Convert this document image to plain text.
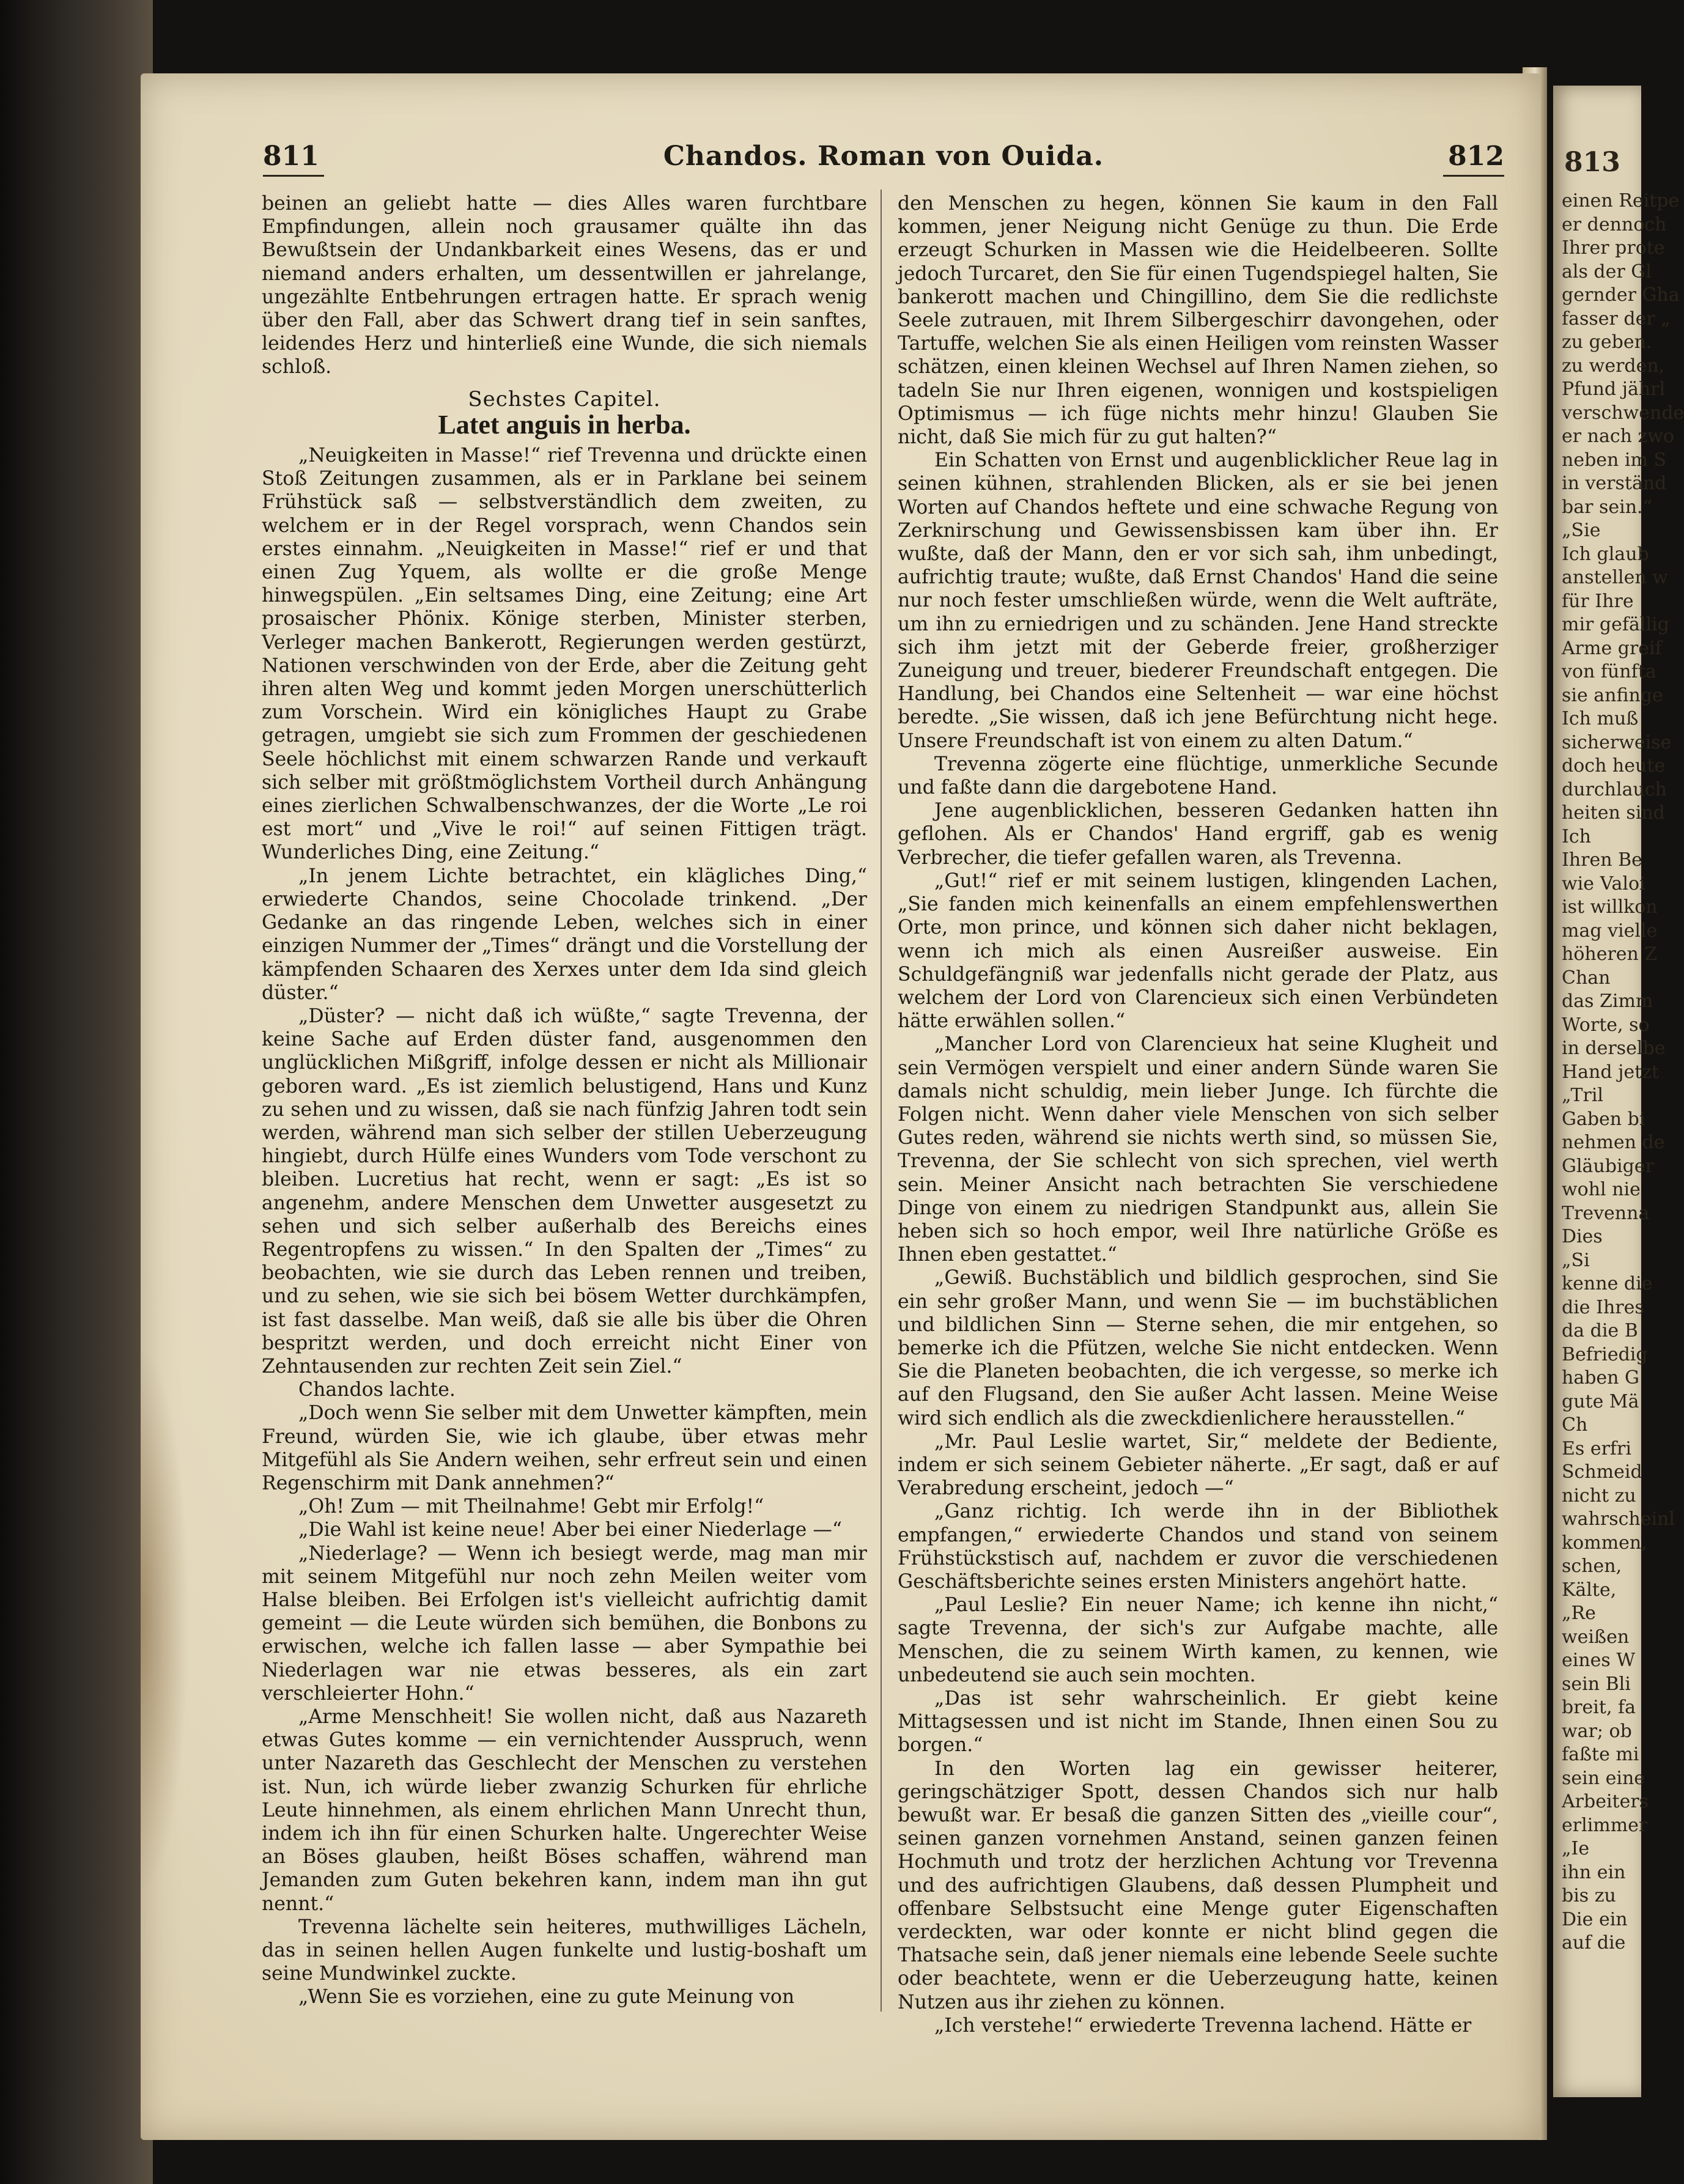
813
einen Reitpe
er dennoch
Ihrer prote
als der Gl
gernder Gha
fasser der „
zu geben.
zu werden,
Pfund jährl
verschwende
er nach zwo
neben im S
in verständ
bar sein.“
„Sie
Ich glaub
anstellen w
für Ihre
mir gefällig
Arme greif
von fünfta
sie anfinge
Ich muß
sicherweise
doch heute
durchlauch
heiten sind
Ich
Ihren Be
wie Valoi
ist willkon
mag vielle
höheren Z
Chan
das Zimm
Worte, so
in derselbe
Hand jetzt
„Tril
Gaben bi
nehmen de
Gläubiger
wohl nie
Trevenna
Dies
„Si
kenne die
die Ihres
da die B
Befriedig
haben G
gute Mä
Ch
Es erfri
Schmeid
nicht zu
wahrscheinl
kommen,
schen,
Kälte,
„Re
weißen
eines W
sein Bli
breit, fa
war; ob
faßte mi
sein eine
Arbeiters
erlimmer
„Ie
ihn ein
bis zu
Die ein
auf die
811	Chandos. Roman von Ouida.	812

beinen an geliebt hatte — dies Alles waren furchtbare Empfindungen, allein noch grausamer quälte ihn das Bewußtsein der Undankbarkeit eines Wesens, das er und niemand anders erhalten, um dessentwillen er jahrelange, ungezählte Entbehrungen ertragen hatte. Er sprach wenig über den Fall, aber das Schwert drang tief in sein sanftes, leidendes Herz und hinterließ eine Wunde, die sich niemals schloß.

Sechstes Capitel.
Latet anguis in herba.

„Neuigkeiten in Masse!“ rief Trevenna und drückte einen Stoß Zeitungen zusammen, als er in Parklane bei seinem Frühstück saß — selbstverständlich dem zweiten, zu welchem er in der Regel vorsprach, wenn Chandos sein erstes einnahm. „Neuigkeiten in Masse!“ rief er und that einen Zug Yquem, als wollte er die große Menge hinwegspülen. „Ein seltsames Ding, eine Zeitung; eine Art prosaischer Phönix. Könige sterben, Minister sterben, Verleger machen Bankerott, Regierungen werden gestürzt, Nationen verschwinden von der Erde, aber die Zeitung geht ihren alten Weg und kommt jeden Morgen unerschütterlich zum Vorschein. Wird ein königliches Haupt zu Grabe getragen, umgiebt sie sich zum Frommen der geschiedenen Seele höchlichst mit einem schwarzen Rande und verkauft sich selber mit größtmöglichstem Vortheil durch Anhängung eines zierlichen Schwalbenschwanzes, der die Worte „Le roi est mort“ und „Vive le roi!“ auf seinen Fittigen trägt. Wunderliches Ding, eine Zeitung.“

„In jenem Lichte betrachtet, ein klägliches Ding,“ erwiederte Chandos, seine Chocolade trinkend. „Der Gedanke an das ringende Leben, welches sich in einer einzigen Nummer der „Times“ drängt und die Vorstellung der kämpfenden Schaaren des Xerxes unter dem Ida sind gleich düster.“

„Düster? — nicht daß ich wüßte,“ sagte Trevenna, der keine Sache auf Erden düster fand, ausgenommen den unglücklichen Mißgriff, infolge dessen er nicht als Millionair geboren ward. „Es ist ziemlich belustigend, Hans und Kunz zu sehen und zu wissen, daß sie nach fünfzig Jahren todt sein werden, während man sich selber der stillen Ueberzeugung hingiebt, durch Hülfe eines Wunders vom Tode verschont zu bleiben. Lucretius hat recht, wenn er sagt: „Es ist so angenehm, andere Menschen dem Unwetter ausgesetzt zu sehen und sich selber außerhalb des Bereichs eines Regentropfens zu wissen.“ In den Spalten der „Times“ zu beobachten, wie sie durch das Leben rennen und treiben, und zu sehen, wie sie sich bei bösem Wetter durchkämpfen, ist fast dasselbe. Man weiß, daß sie alle bis über die Ohren bespritzt werden, und doch erreicht nicht Einer von Zehntausenden zur rechten Zeit sein Ziel.“

Chandos lachte.

„Doch wenn Sie selber mit dem Unwetter kämpften, mein Freund, würden Sie, wie ich glaube, über etwas mehr Mitgefühl als Sie Andern weihen, sehr erfreut sein und einen Regenschirm mit Dank annehmen?“

„Oh! Zum — mit Theilnahme! Gebt mir Erfolg!“

„Die Wahl ist keine neue! Aber bei einer Niederlage —“

„Niederlage? — Wenn ich besiegt werde, mag man mir mit seinem Mitgefühl nur noch zehn Meilen weiter vom Halse bleiben. Bei Erfolgen ist's vielleicht aufrichtig damit gemeint — die Leute würden sich bemühen, die Bonbons zu erwischen, welche ich fallen lasse — aber Sympathie bei Niederlagen war nie etwas besseres, als ein zart verschleierter Hohn.“

„Arme Menschheit! Sie wollen nicht, daß aus Nazareth etwas Gutes komme — ein vernichtender Ausspruch, wenn unter Nazareth das Geschlecht der Menschen zu verstehen ist. Nun, ich würde lieber zwanzig Schurken für ehrliche Leute hinnehmen, als einem ehrlichen Mann Unrecht thun, indem ich ihn für einen Schurken halte. Ungerechter Weise an Böses glauben, heißt Böses schaffen, während man Jemanden zum Guten bekehren kann, indem man ihn gut nennt.“

Trevenna lächelte sein heiteres, muthwilliges Lächeln, das in seinen hellen Augen funkelte und lustig-boshaft um seine Mundwinkel zuckte.

„Wenn Sie es vorziehen, eine zu gute Meinung von

den Menschen zu hegen, können Sie kaum in den Fall kommen, jener Neigung nicht Genüge zu thun. Die Erde erzeugt Schurken in Massen wie die Heidelbeeren. Sollte jedoch Turcaret, den Sie für einen Tugendspiegel halten, Sie bankerott machen und Chingillino, dem Sie die redlichste Seele zutrauen, mit Ihrem Silbergeschirr davongehen, oder Tartuffe, welchen Sie als einen Heiligen vom reinsten Wasser schätzen, einen kleinen Wechsel auf Ihren Namen ziehen, so tadeln Sie nur Ihren eigenen, wonnigen und kostspieligen Optimismus — ich füge nichts mehr hinzu! Glauben Sie nicht, daß Sie mich für zu gut halten?“

Ein Schatten von Ernst und augenblicklicher Reue lag in seinen kühnen, strahlenden Blicken, als er sie bei jenen Worten auf Chandos heftete und eine schwache Regung von Zerknirschung und Gewissensbissen kam über ihn. Er wußte, daß der Mann, den er vor sich sah, ihm unbedingt, aufrichtig traute; wußte, daß Ernst Chandos' Hand die seine nur noch fester umschließen würde, wenn die Welt aufträte, um ihn zu erniedrigen und zu schänden. Jene Hand streckte sich ihm jetzt mit der Geberde freier, großherziger Zuneigung und treuer, biederer Freundschaft entgegen. Die Handlung, bei Chandos eine Seltenheit — war eine höchst beredte. „Sie wissen, daß ich jene Befürchtung nicht hege. Unsere Freundschaft ist von einem zu alten Datum.“

Trevenna zögerte eine flüchtige, unmerkliche Secunde und faßte dann die dargebotene Hand.

Jene augenblicklichen, besseren Gedanken hatten ihn geflohen. Als er Chandos' Hand ergriff, gab es wenig Verbrecher, die tiefer gefallen waren, als Trevenna.

„Gut!“ rief er mit seinem lustigen, klingenden Lachen, „Sie fanden mich keinenfalls an einem empfehlenswerthen Orte, mon prince, und können sich daher nicht beklagen, wenn ich mich als einen Ausreißer ausweise. Ein Schuldgefängniß war jedenfalls nicht gerade der Platz, aus welchem der Lord von Clarencieux sich einen Verbündeten hätte erwählen sollen.“

„Mancher Lord von Clarencieux hat seine Klugheit und sein Vermögen verspielt und einer andern Sünde waren Sie damals nicht schuldig, mein lieber Junge. Ich fürchte die Folgen nicht. Wenn daher viele Menschen von sich selber Gutes reden, während sie nichts werth sind, so müssen Sie, Trevenna, der Sie schlecht von sich sprechen, viel werth sein. Meiner Ansicht nach betrachten Sie verschiedene Dinge von einem zu niedrigen Standpunkt aus, allein Sie heben sich so hoch empor, weil Ihre natürliche Größe es Ihnen eben gestattet.“

„Gewiß. Buchstäblich und bildlich gesprochen, sind Sie ein sehr großer Mann, und wenn Sie — im buchstäblichen und bildlichen Sinn — Sterne sehen, die mir entgehen, so bemerke ich die Pfützen, welche Sie nicht entdecken. Wenn Sie die Planeten beobachten, die ich vergesse, so merke ich auf den Flugsand, den Sie außer Acht lassen. Meine Weise wird sich endlich als die zweckdienlichere herausstellen.“

„Mr. Paul Leslie wartet, Sir,“ meldete der Bediente, indem er sich seinem Gebieter näherte. „Er sagt, daß er auf Verabredung erscheint, jedoch —“

„Ganz richtig. Ich werde ihn in der Bibliothek empfangen,“ erwiederte Chandos und stand von seinem Frühstückstisch auf, nachdem er zuvor die verschiedenen Geschäftsberichte seines ersten Ministers angehört hatte.

„Paul Leslie? Ein neuer Name; ich kenne ihn nicht,“ sagte Trevenna, der sich's zur Aufgabe machte, alle Menschen, die zu seinem Wirth kamen, zu kennen, wie unbedeutend sie auch sein mochten.

„Das ist sehr wahrscheinlich. Er giebt keine Mittagsessen und ist nicht im Stande, Ihnen einen Sou zu borgen.“

In den Worten lag ein gewisser heiterer, geringschätziger Spott, dessen Chandos sich nur halb bewußt war. Er besaß die ganzen Sitten des „vieille cour“, seinen ganzen vornehmen Anstand, seinen ganzen feinen Hochmuth und trotz der herzlichen Achtung vor Trevenna und des aufrichtigen Glaubens, daß dessen Plumpheit und offenbare Selbstsucht eine Menge guter Eigenschaften verdeckten, war oder konnte er nicht blind gegen die Thatsache sein, daß jener niemals eine lebende Seele suchte oder beachtete, wenn er die Ueberzeugung hatte, keinen Nutzen aus ihr ziehen zu können.

„Ich verstehe!“ erwiederte Trevenna lachend. Hätte er
